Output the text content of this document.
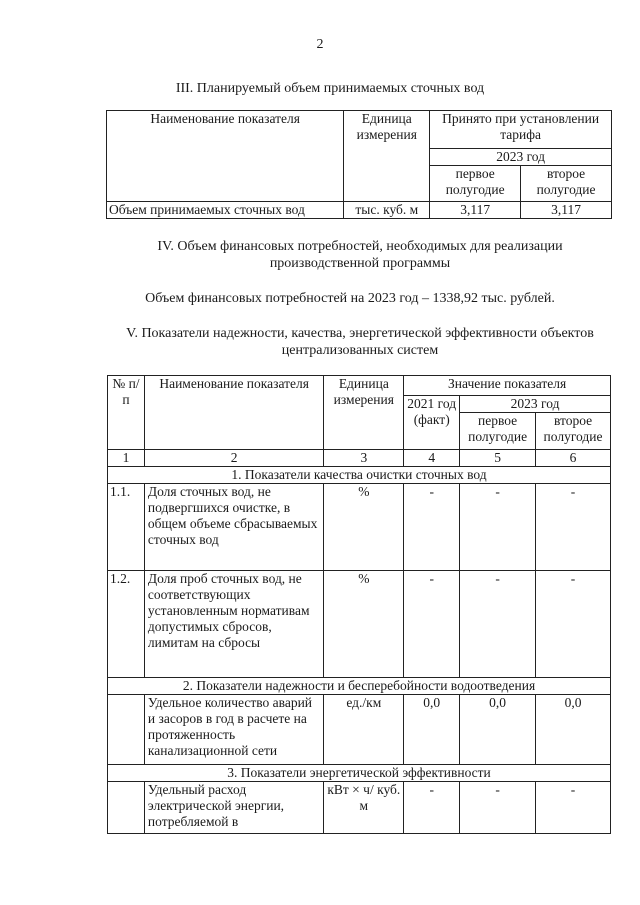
2
III. Планируемый объем принимаемых сточных вод
Наименование показателя	Единица измерения	Принято при установлении тарифа	
		2023 год	
		первое полугодие	второе полугодие
Объем принимаемых сточных вод	тыс. куб. м	3,117	3,117
IV. Объем финансовых потребностей, необходимых для реализации производственной программы
Объем финансовых потребностей на 2023 год – 1338,92 тыс. рублей.
V. Показатели надежности, качества, энергетической эффективности объектов централизованных систем
№ п/п	Наименование показателя	Единица измерения	Значение показателя		
			2021 год (факт)	2023 год	
				первое полугодие	второе полугодие
1	2	3	4	5	6
1. Показатели качества очистки сточных вод					
1.1.	Доля сточных вод, не подвергшихся очистке, в общем объеме сбрасываемых сточных вод	%	-	-	-
1.2.	Доля проб сточных вод, не соответствующих установленным нормативам допустимых сбросов, лимитам на сбросы	%	-	-	-
2. Показатели надежности и бесперебойности водоотведения					
	Удельное количество аварий и засоров в год в расчете на протяженность канализационной сети	ед./км	0,0	0,0	0,0
3. Показатели энергетической эффективности					
	Удельный расход электрической энергии, потребляемой в	кВт × ч/ куб. м	-	-	-
